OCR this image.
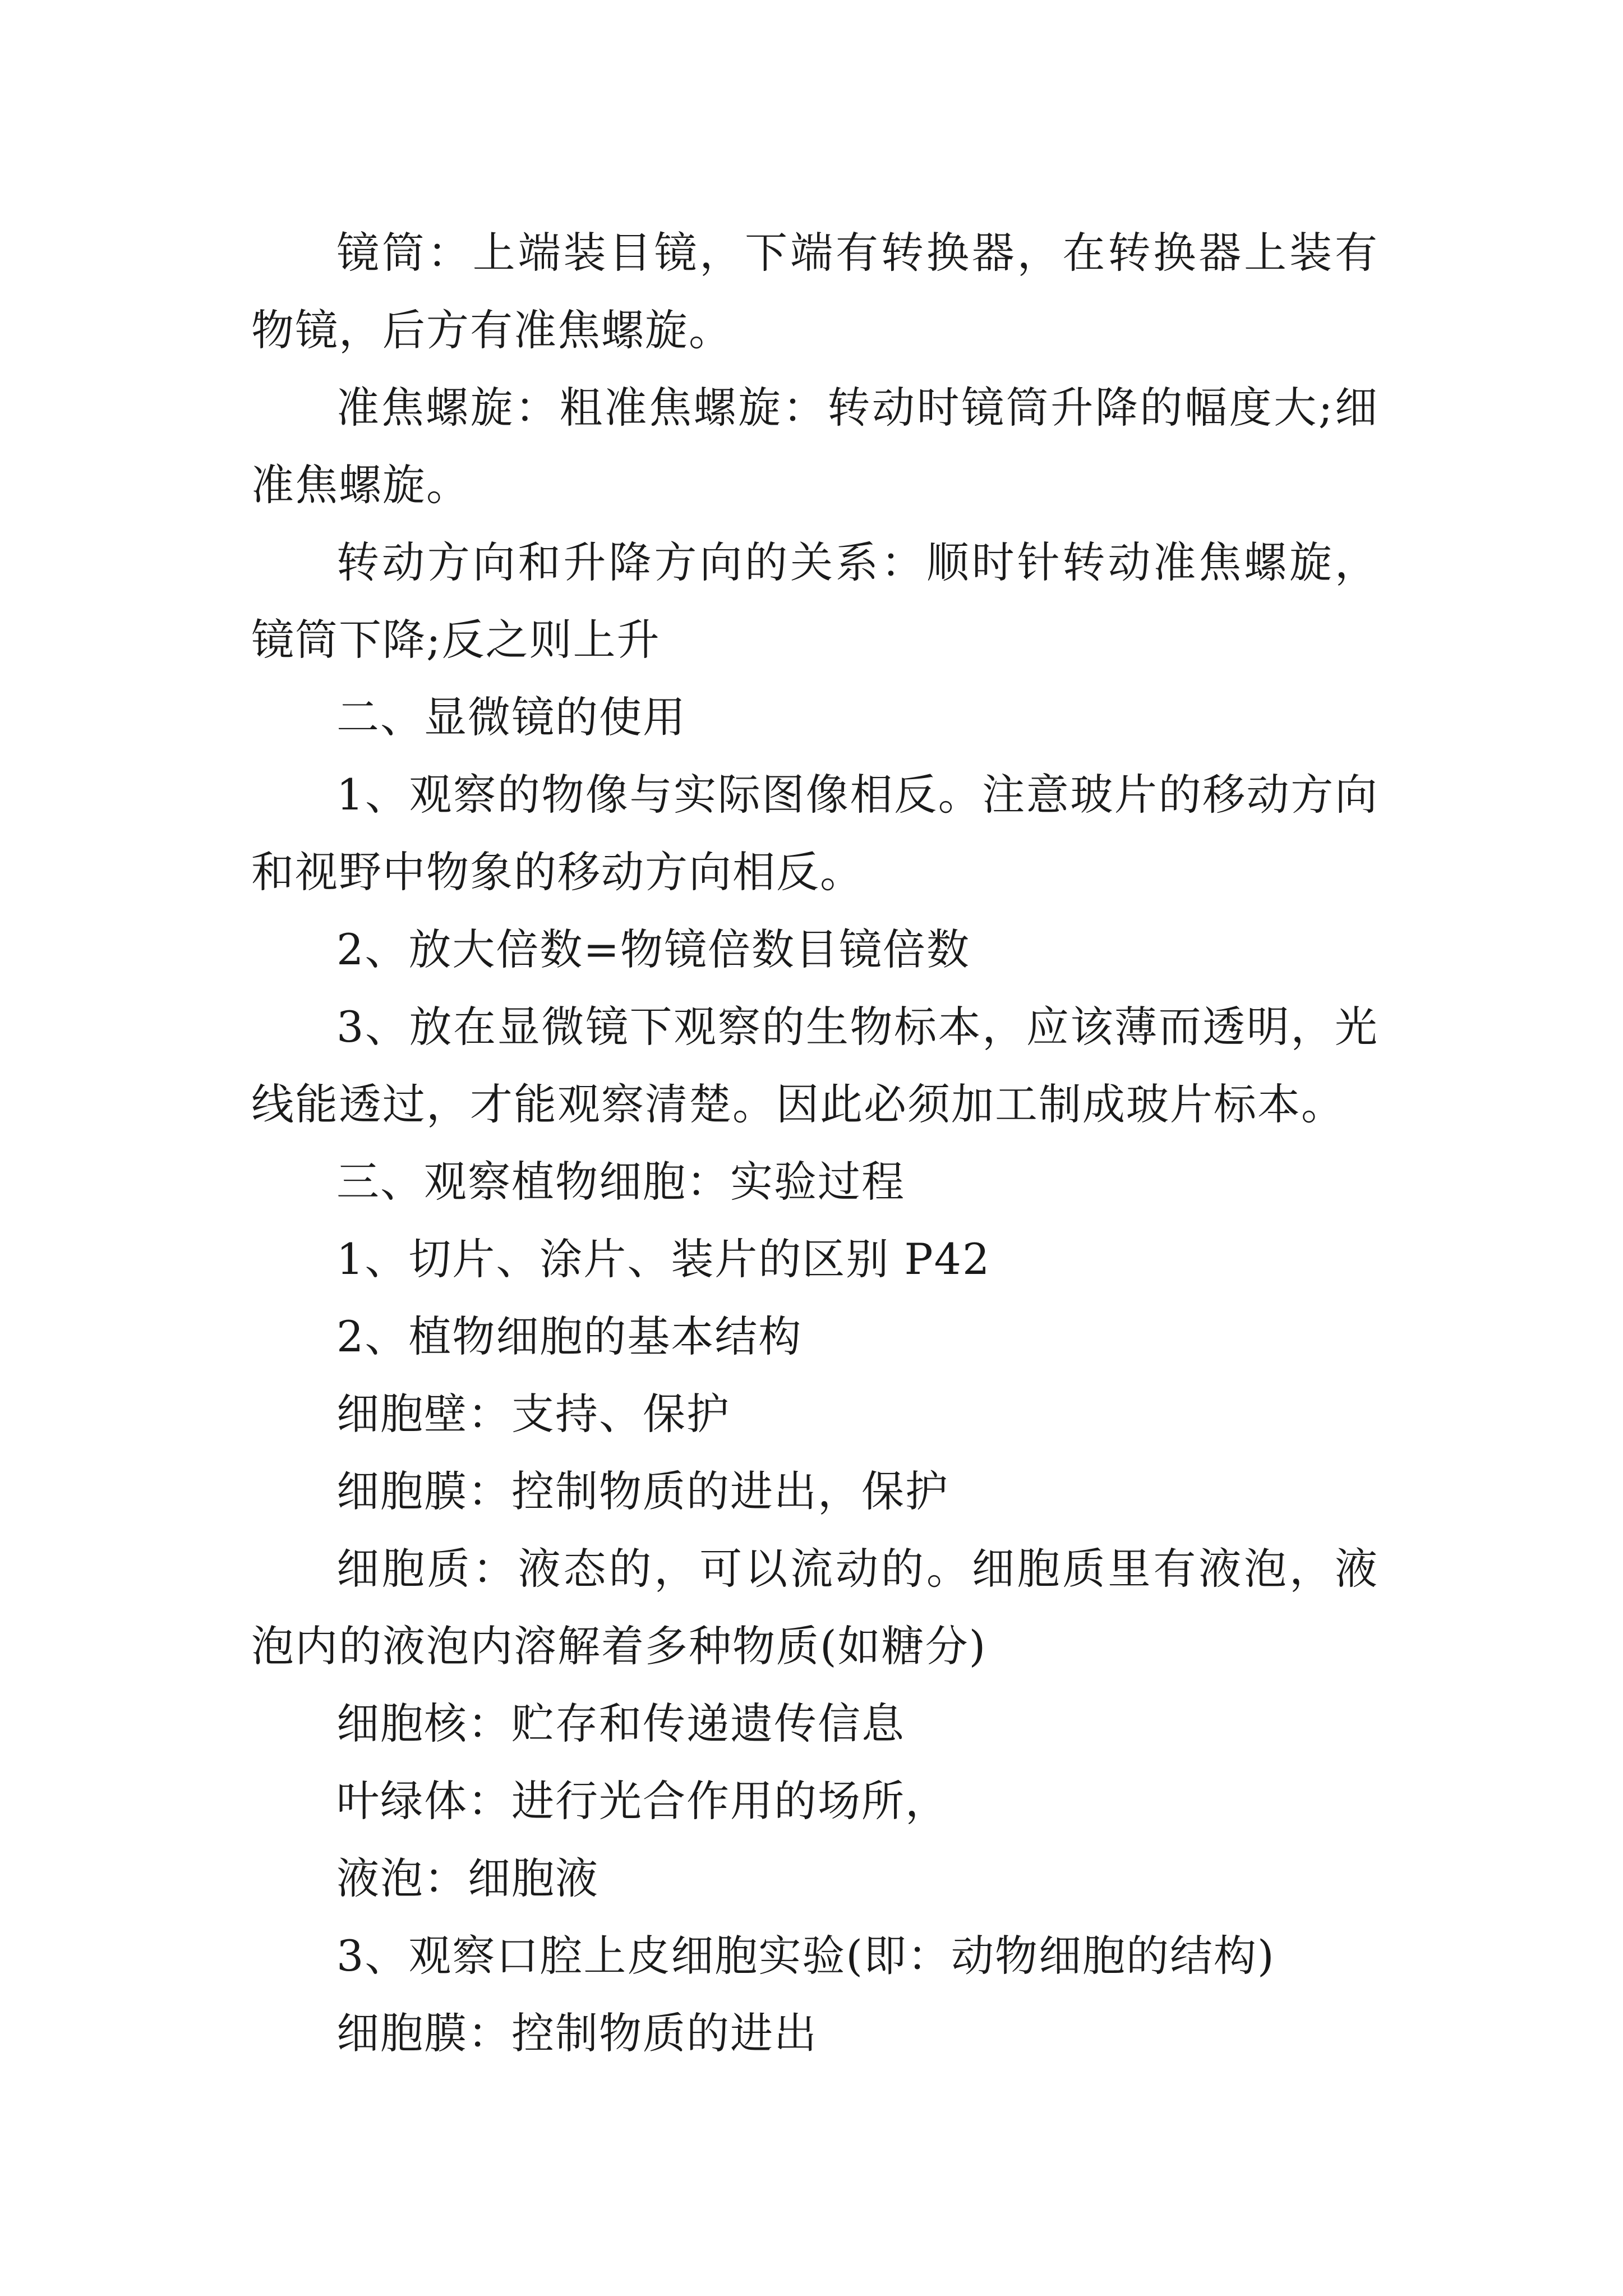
镜筒：上端装目镜，下端有转换器，在转换器上装有物镜，后方有准焦螺旋。

准焦螺旋：粗准焦螺旋：转动时镜筒升降的幅度大;细准焦螺旋。

转动方向和升降方向的关系：顺时针转动准焦螺旋，镜筒下降;反之则上升

二、显微镜的使用

1、观察的物像与实际图像相反。注意玻片的移动方向和视野中物象的移动方向相反。

2、放大倍数=物镜倍数目镜倍数

3、放在显微镜下观察的生物标本，应该薄而透明，光线能透过，才能观察清楚。因此必须加工制成玻片标本。

三、观察植物细胞：实验过程

1、切片、涂片、装片的区别 P42

2、植物细胞的基本结构

细胞壁：支持、保护

细胞膜：控制物质的进出，保护

细胞质：液态的，可以流动的。细胞质里有液泡，液泡内的液泡内溶解着多种物质(如糖分)

细胞核：贮存和传递遗传信息

叶绿体：进行光合作用的场所，

液泡：细胞液

3、观察口腔上皮细胞实验(即：动物细胞的结构)

细胞膜：控制物质的进出
